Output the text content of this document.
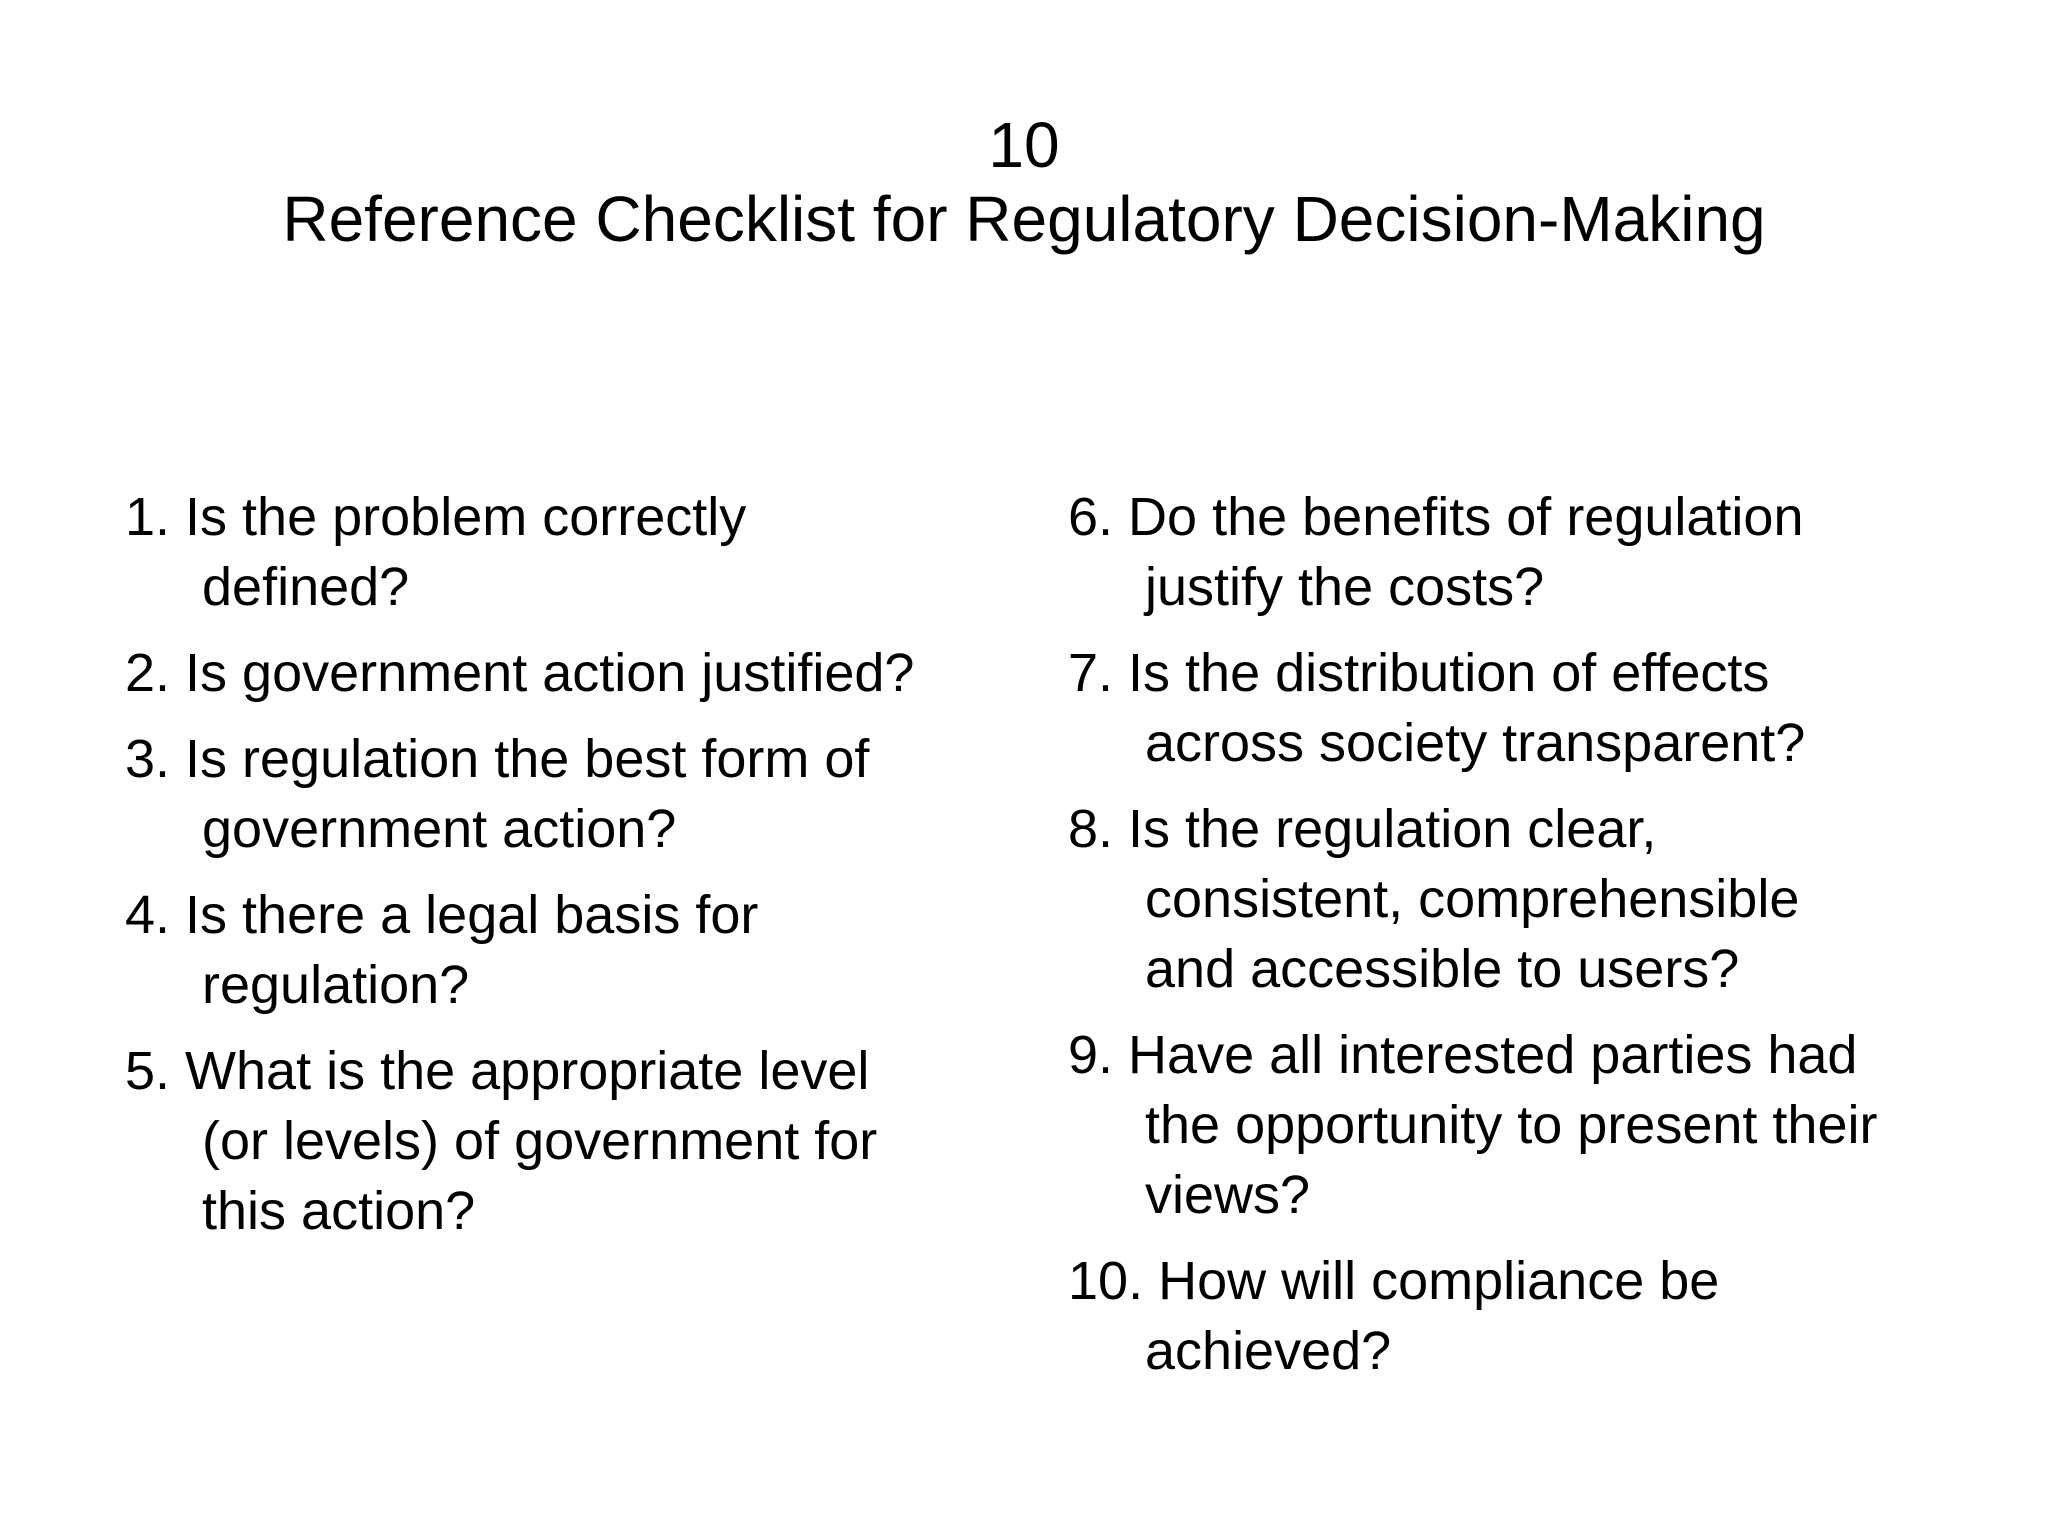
10
Reference Checklist for Regulatory Decision-Making
1. Is the problem correctly
defined?
2. Is government action justified?
3. Is regulation the best form of
government action?
4. Is there a legal basis for
regulation?
5. What is the appropriate level
(or levels) of government for
this action?
6. Do the benefits of regulation
justify the costs?
7. Is the distribution of effects
across society transparent?
8. Is the regulation clear,
consistent, comprehensible
and accessible to users?
9. Have all interested parties had
the opportunity to present their
views?
10. How will compliance be
achieved?
